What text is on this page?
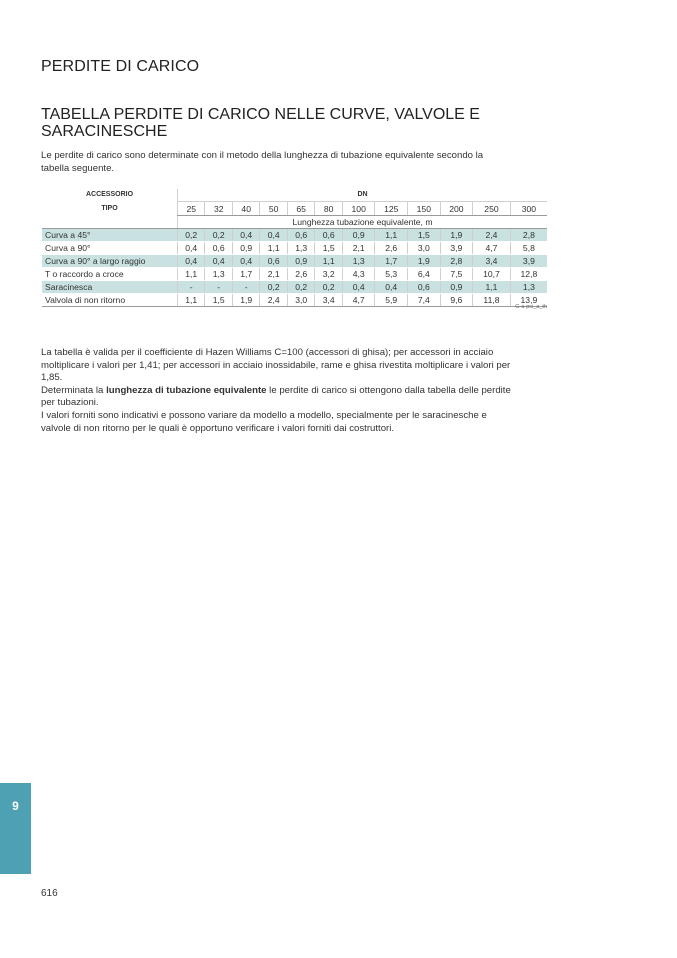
PERDITE DI CARICO
TABELLA PERDITE DI CARICO NELLE CURVE, VALVOLE E SARACINESCHE

Le perdite di carico sono determinate con il metodo della lunghezza di tubazione equivalente secondo la tabella seguente.

ACCESSORIO	DN											
TIPO	25	32	40	50	65	80	100	125	150	200	250	300
	Lunghezza tubazione equivalente, m											
Curva a 45°	0,2	0,2	0,4	0,4	0,6	0,6	0,9	1,1	1,5	1,9	2,4	2,8
Curva a 90°	0,4	0,6	0,9	1,1	1,3	1,5	2,1	2,6	3,0	3,9	4,7	5,8
Curva a 90° a largo raggio	0,4	0,4	0,4	0,6	0,9	1,1	1,3	1,7	1,9	2,8	3,4	3,9
T o raccordo a croce	1,1	1,3	1,7	2,1	2,6	3,2	4,3	5,3	6,4	7,5	10,7	12,8
Saracinesca	-	-	-	0,2	0,2	0,2	0,4	0,4	0,6	0,9	1,1	1,3
Valvola di non ritorno	1,1	1,5	1,9	2,4	3,0	3,4	4,7	5,9	7,4	9,6	11,8	13,9
G-a-pci_a_th

La tabella è valida per il coefficiente di Hazen Williams C=100 (accessori di ghisa); per accessori in acciaio moltiplicare i valori per 1,41; per accessori in acciaio inossidabile, rame e ghisa rivestita moltiplicare i valori per 1,85.

Determinata la lunghezza di tubazione equivalente le perdite di carico si ottengono dalla tabella delle perdite per tubazioni.

I valori forniti sono indicativi e possono variare da modello a modello, specialmente per le saracinesche e valvole di non ritorno per le quali è opportuno verificare i valori forniti dai costruttori.

9
616
